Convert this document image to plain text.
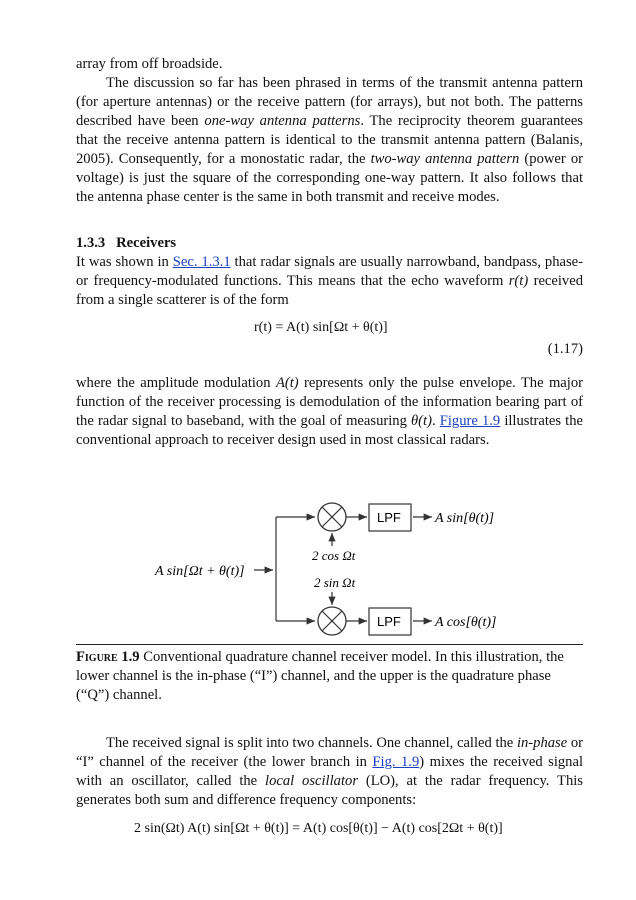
array from off broadside.

The discussion so far has been phrased in terms of the transmit antenna pattern (for aperture antennas) or the receive pattern (for arrays), but not both. The patterns described have been one-way antenna patterns. The reciprocity theorem guarantees that the receive antenna pattern is identical to the transmit antenna pattern (Balanis, 2005). Consequently, for a monostatic radar, the two-way antenna pattern (power or voltage) is just the square of the corresponding one-way pattern. It also follows that the antenna phase center is the same in both transmit and receive modes.

1.3.3 Receivers

It was shown in Sec. 1.3.1 that radar signals are usually narrowband, bandpass, phase- or frequency-modulated functions. This means that the echo waveform r(t) received from a single scatterer is of the form

r(t) = A(t) sin[Ωt + θ(t)]
(1.17)

where the amplitude modulation A(t) represents only the pulse envelope. The major function of the receiver processing is demodulation of the information bearing part of the radar signal to baseband, with the goal of measuring θ(t). Figure 1.9 illustrates the conventional approach to receiver design used in most classical radars.

A sin[Ωt + θ(t)]
2 cos Ωt
2 sin Ωt
LPF
LPF
A sin[θ(t)]
A cos[θ(t)]
Figure 1.9 Conventional quadrature channel receiver model. In this illustration, the lower channel is the in-phase (“I”) channel, and the upper is the quadrature phase (“Q”) channel.

The received signal is split into two channels. One channel, called the in-phase or “I” channel of the receiver (the lower branch in Fig. 1.9) mixes the received signal with an oscillator, called the local oscillator (LO), at the radar frequency. This generates both sum and difference frequency components:

2 sin(Ωt) A(t) sin[Ωt + θ(t)] = A(t) cos[θ(t)] − A(t) cos[2Ωt + θ(t)]
